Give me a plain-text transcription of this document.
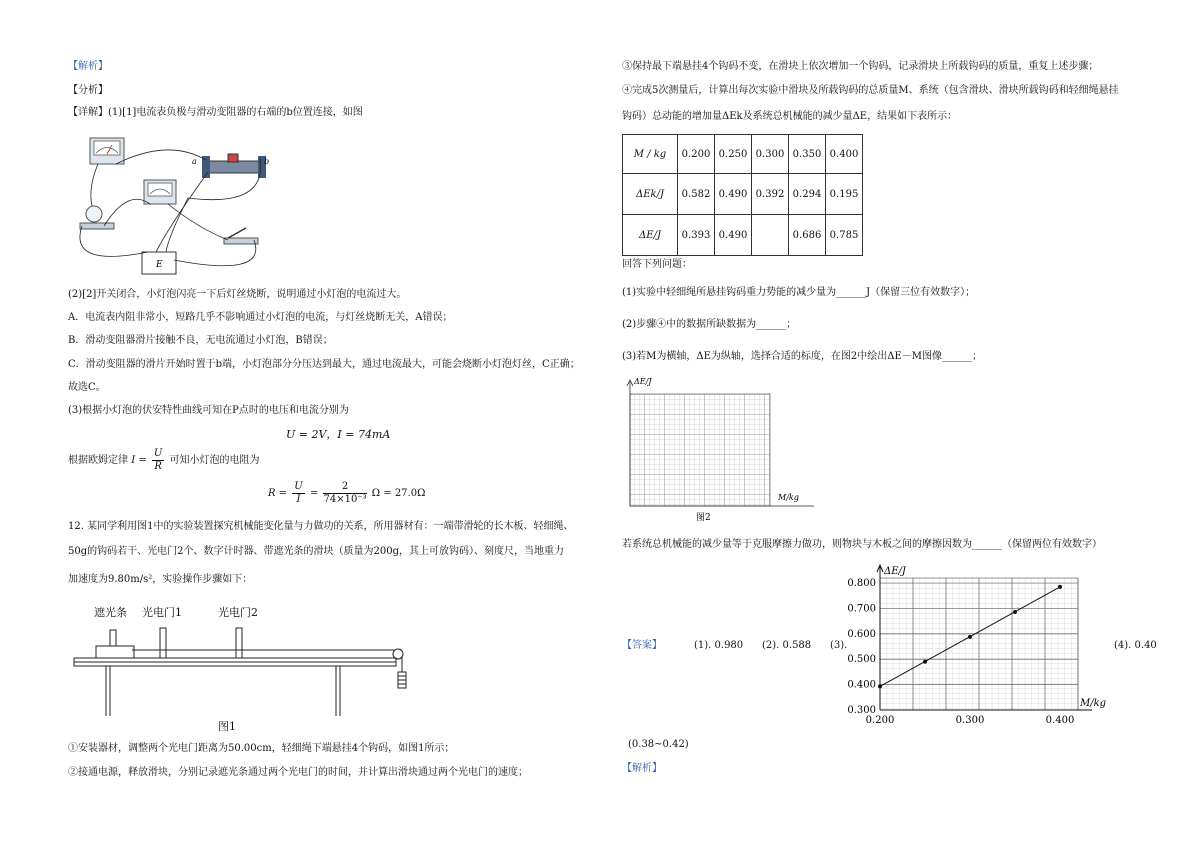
【解析】
【分析】
【详解】(1)[1]电流表负极与滑动变阻器的右端的b位置连接，如图
a	b
E
(2)[2]开关闭合，小灯泡闪亮一下后灯丝烧断，说明通过小灯泡的电流过大。
A．电流表内阻非常小，短路几乎不影响通过小灯泡的电流，与灯丝烧断无关，A错误；
B．滑动变阻器滑片接触不良，无电流通过小灯泡，B错误；
C．滑动变阻器的滑片开始时置于b端，小灯泡部分分压达到最大，通过电流最大，可能会烧断小灯泡灯丝，C正确；
故选C。
(3)根据小灯泡的伏安特性曲线可知在P点时的电压和电流分别为
U = 2V，I = 74mA
根据欧姆定律 $I = \frac{U}{R}$ 可知小灯泡的电阻为
$R = \frac{U}{I} = \frac{2}{\text{74×10⁻³}}$ Ω = 27.0Ω
12. 某同学利用图1中的实验装置探究机械能变化量与力做功的关系，所用器材有：一端带滑轮的长木板、轻细绳、
50g的钩码若干、光电门2个、数字计时器、带遮光条的滑块（质量为200g，其上可放钩码）、刻度尺，当地重力
加速度为9.80m/s²，实验操作步骤如下：
遮光条 光电门1	光电门2
图1
①安装器材，调整两个光电门距离为50.00cm，轻细绳下端悬挂4个钩码，如图1所示；
②接通电源，释放滑块，分别记录遮光条通过两个光电门的时间，并计算出滑块通过两个光电门的速度；
③保持最下端悬挂4个钩码不变，在滑块上依次增加一个钩码，记录滑块上所载钩码的质量，重复上述步骤；
④完成5次测量后，计算出每次实验中滑块及所载钩码的总质量M、系统（包含滑块、滑块所载钩码和轻细绳悬挂
钩码）总动能的增加量ΔEk及系统总机械能的减少量ΔE，结果如下表所示：
M / kg	0.200	0.250	0.300	0.350	0.400
ΔEk/J	0.582	0.490	0.392	0.294	0.195
ΔE/J	0.393	0.490		0.686	0.785
回答下列问题：
(1)实验中轻细绳所悬挂钩码重力势能的减少量为______J（保留三位有效数字）；
(2)步骤④中的数据所缺数据为______；
(3)若M为横轴，ΔE为纵轴，选择合适的标度，在图2中绘出ΔE－M图像______；
ΔE/J
M/kg
图2
若系统总机械能的减少量等于克服摩擦力做功，则物块与木板之间的摩擦因数为______（保留两位有效数字）
0.300
0.400
0.500
0.600
0.700
0.800
0.200	0.300	0.400
ΔE/J
M/kg
【答案】	(1). 0.980 (2). 0.588 (3).	(4). 0.40
(0.38~0.42)
【解析】
